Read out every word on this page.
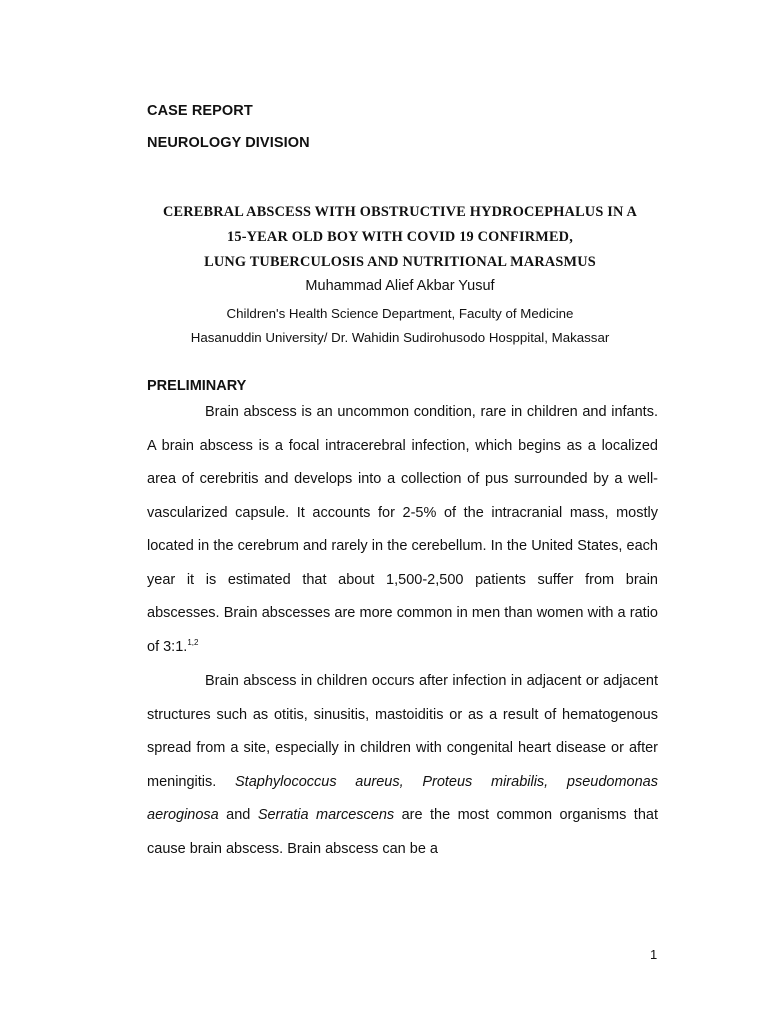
CASE REPORT
NEUROLOGY DIVISION
CEREBRAL ABSCESS WITH OBSTRUCTIVE HYDROCEPHALUS IN A
15-YEAR OLD BOY WITH COVID 19 CONFIRMED,
LUNG TUBERCULOSIS AND NUTRITIONAL MARASMUS
Muhammad Alief Akbar Yusuf
Children's Health Science Department, Faculty of Medicine
Hasanuddin University/ Dr. Wahidin Sudirohusodo Hosppital, Makassar
PRELIMINARY

Brain abscess is an uncommon condition, rare in children and infants. A brain abscess is a focal intracerebral infection, which begins as a localized area of cerebritis and develops into a collection of pus surrounded by a well-vascularized capsule. It accounts for 2-5% of the intracranial mass, mostly located in the cerebrum and rarely in the cerebellum. In the United States, each year it is estimated that about 1,500-2,500 patients suffer from brain abscesses. Brain abscesses are more common in men than women with a ratio of 3:1.$^{1,2}$

Brain abscess in children occurs after infection in adjacent or adjacent structures such as otitis, sinusitis, mastoiditis or as a result of hematogenous spread from a site, especially in children with congenital heart disease or after meningitis. Staphylococcus aureus, Proteus mirabilis, pseudomonas aeroginosa and Serratia marcescens are the most common organisms that cause brain abscess. Brain abscess can be a

1
